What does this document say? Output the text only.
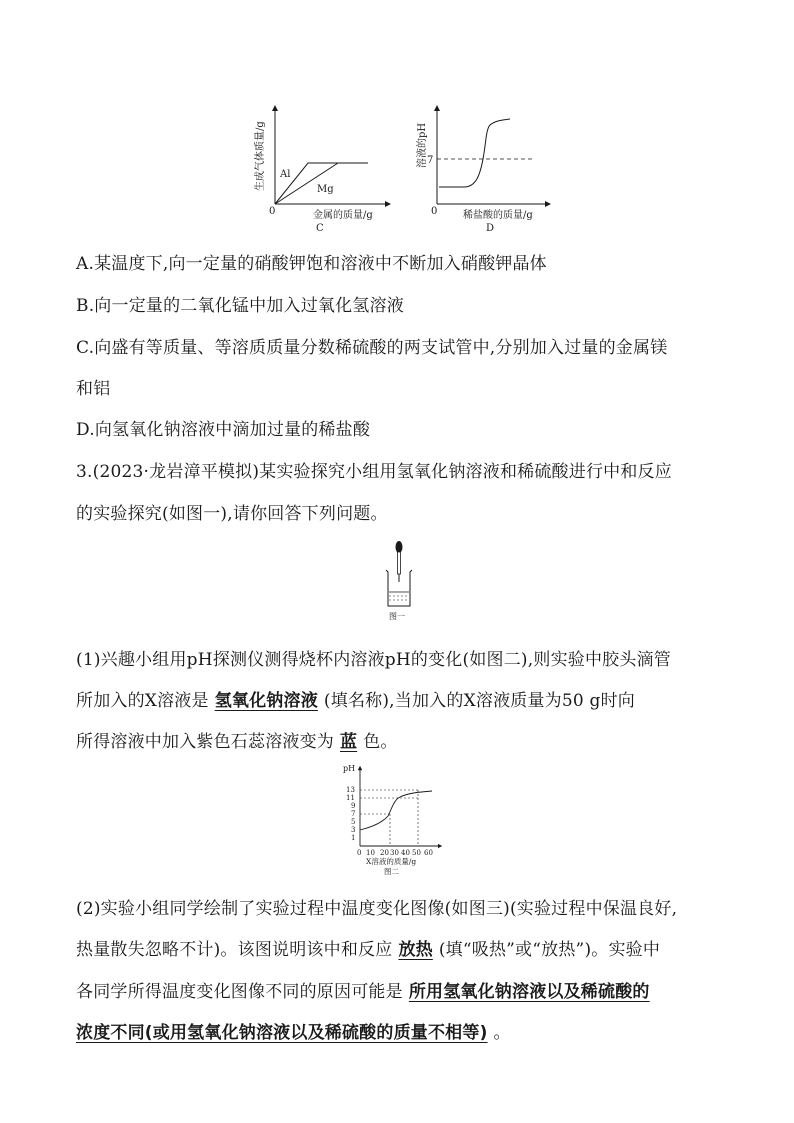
生成气体质量/g Al
Mg
0	金属的质量/g
C
溶液的pH 7
0	稀盐酸的质量/g
D
A.某温度下,向一定量的硝酸钾饱和溶液中不断加入硝酸钾晶体
B.向一定量的二氧化锰中加入过氧化氢溶液
C.向盛有等质量、等溶质质量分数稀硫酸的两支试管中,分别加入过量的金属镁
和铝
D.向氢氧化钠溶液中滴加过量的稀盐酸
3.(2023·龙岩漳平模拟)某实验探究小组用氢氧化钠溶液和稀硫酸进行中和反应
的实验探究(如图一),请你回答下列问题。
图一
(1)兴趣小组用pH探测仪测得烧杯内溶液pH的变化(如图二),则实验中胶头滴管
所加入的X溶液是 氢氧化钠溶液 (填名称),当加入的X溶液质量为50 g时向
所得溶液中加入紫色石蕊溶液变为 蓝 色。
pH
13
11
9
7
5
3
1
0 10 20 30 40 50 60
X溶液的质量/g
图二
(2)实验小组同学绘制了实验过程中温度变化图像(如图三)(实验过程中保温良好,
热量散失忽略不计)。该图说明该中和反应 放热 (填“吸热”或“放热”)。实验中
各同学所得温度变化图像不同的原因可能是 所用氢氧化钠溶液以及稀硫酸的
浓度不同(或用氢氧化钠溶液以及稀硫酸的质量不相等) 。
